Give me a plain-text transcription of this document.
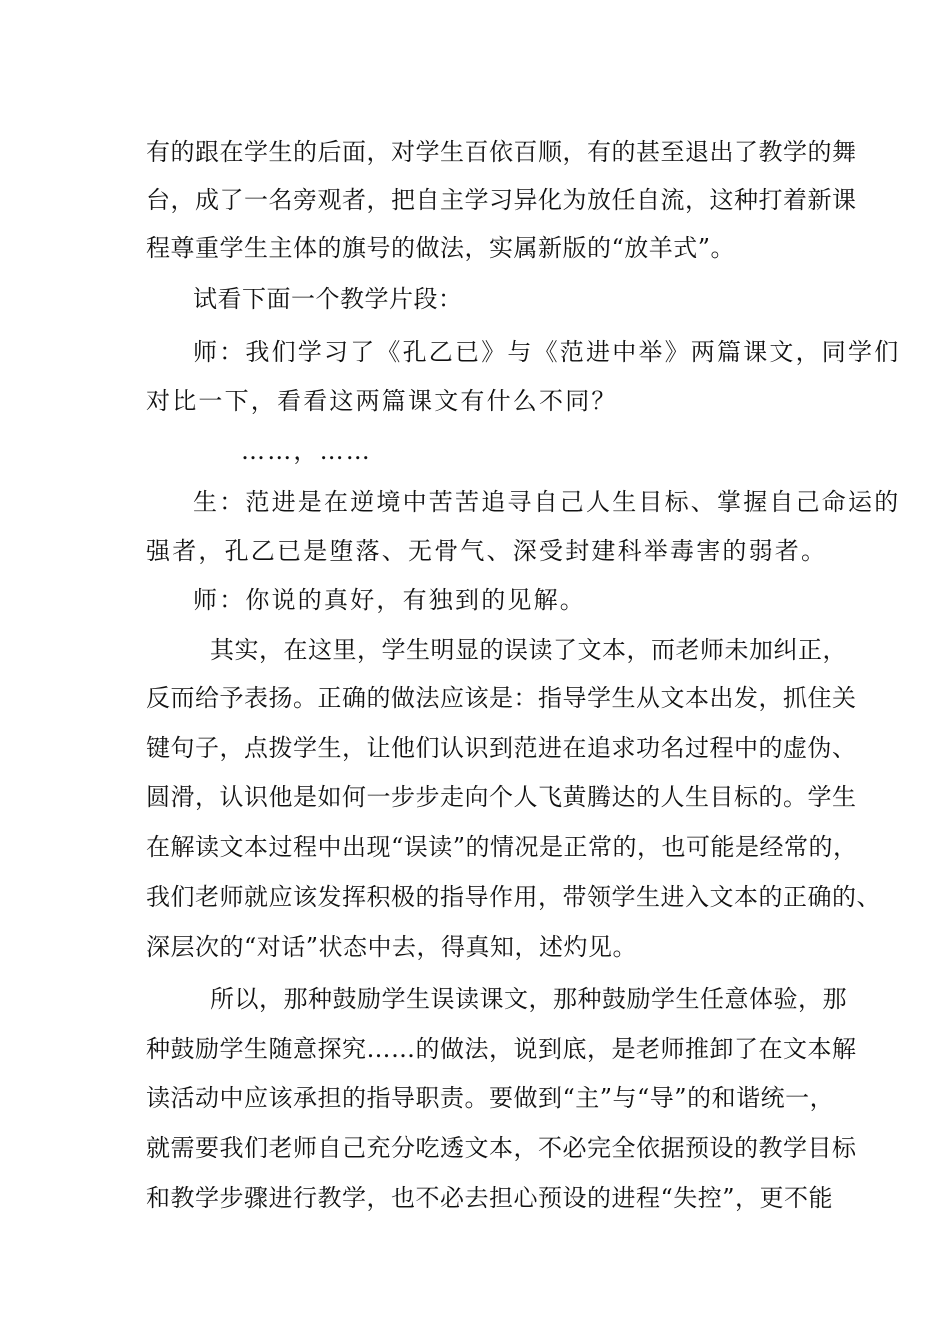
有的跟在学生的后面，对学生百依百顺，有的甚至退出了教学的舞
台，成了一名旁观者，把自主学习异化为放任自流，这种打着新课
程尊重学生主体的旗号的做法，实属新版的“放羊式”。
试看下面一个教学片段：
师：我们学习了《孔乙已》与《范进中举》两篇课文，同学们
对比一下，看看这两篇课文有什么不同？
……，……
生：范进是在逆境中苦苦追寻自己人生目标、掌握自己命运的
强者，孔乙已是堕落、无骨气、深受封建科举毒害的弱者。
师：你说的真好，有独到的见解。
其实，在这里，学生明显的误读了文本，而老师未加纠正，
反而给予表扬。正确的做法应该是：指导学生从文本出发，抓住关
键句子，点拨学生，让他们认识到范进在追求功名过程中的虚伪、
圆滑，认识他是如何一步步走向个人飞黄腾达的人生目标的。学生
在解读文本过程中出现“误读”的情况是正常的，也可能是经常的，
我们老师就应该发挥积极的指导作用，带领学生进入文本的正确的、
深层次的“对话”状态中去，得真知，述灼见。
所以，那种鼓励学生误读课文，那种鼓励学生任意体验，那
种鼓励学生随意探究……的做法，说到底，是老师推卸了在文本解
读活动中应该承担的指导职责。要做到“主”与“导”的和谐统一，
就需要我们老师自己充分吃透文本，不必完全依据预设的教学目标
和教学步骤进行教学，也不必去担心预设的进程“失控”，更不能
